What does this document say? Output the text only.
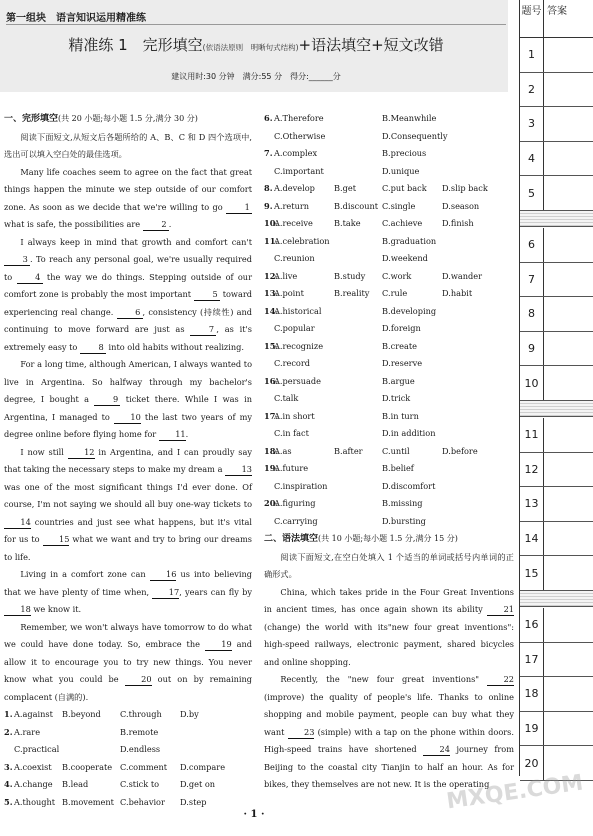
第一组块　语言知识运用精准练
精准练 1　完形填空(依语法原则　明晰句式结构)+语法填空+短文改错
建议用时:30 分钟　满分:55 分　得分:______分
题号 答案
1
2
3
4
5
6
7
8
9
10
11
12
13
14
15
16
17
18
19
20
一、完形填空(共 20 小题;每小题 1.5 分,满分 30 分)
阅读下面短文,从短文后各题所给的 A、B、C 和 D 四个选项中,选出可以填入空白处的最佳选项。
Many life coaches seem to agree on the fact that great things happen the minute we step outside of our comfort zone. As soon as we decide that we're willing to go 1 what is safe, the possibilities are 2 .
I always keep in mind that growth and comfort can't 3 . To reach any personal goal, we're usually required to 4 the way we do things. Stepping outside of our comfort zone is probably the most important 5 toward experiencing real change. 6 , consistency (持续性) and continuing to move forward are just as 7 , as it's extremely easy to 8 into old habits without realizing.
For a long time, although American, I always wanted to live in Argentina. So halfway through my bachelor's degree, I bought a 9 ticket there. While I was in Argentina, I managed to 10 the last two years of my degree online before flying home for 11.
I now still 12 in Argentina, and I can proudly say that taking the necessary steps to make my dream a 13 was one of the most significant things I'd ever done. Of course, I'm not saying we should all buy one-way tickets to 14 countries and just see what happens, but it's vital for us to 15 what we want and try to bring our dreams to life.
Living in a comfort zone can 16 us into believing that we have plenty of time when, 17, years can fly by 18 we know it.
Remember, we won't always have tomorrow to do what we could have done today. So, embrace the 19 and allow it to encourage you to try new things. You never know what you could be 20 out on by remaining complacent (自满的).
1. A.against B.beyond C.through D.by
2. A.rare	B.remote
C.practical	D.endless
3. A.coexist B.cooperate C.comment D.compare
4. A.change B.lead	C.stick to	D.get on
5. A.thought B.movement C.behavior D.step
6. A.Therefore	B.Meanwhile
C.Otherwise	D.Consequently
7. A.complex	B.precious
C.important	D.unique
8. A.develop B.get	C.put back D.slip back
9. A.return	B.discount C.single	D.season
10.
A.receive	B.take	C.achieve D.finish
11.
A.celebration	B.graduation
C.reunion	D.weekend
12.
A.live	B.study C.work	D.wander
13.
A.point	B.reality C.rule	D.habit
14.
A.historical	B.developing
C.popular	D.foreign
15.
A.recognize	B.create
C.record	D.reserve
16.
A.persuade	B.argue
C.talk	D.trick
17.
A.in short	B.in turn
C.in fact	D.in addition
18.
A.as	B.after C.until	D.before
19.
A.future	B.belief
C.inspiration	D.discomfort
20.
A.figuring	B.missing
C.carrying	D.bursting
二、语法填空(共 10 小题;每小题 1.5 分,满分 15 分)
阅读下面短文,在空白处填入 1 个适当的单词或括号内单词的正确形式。
China, which takes pride in the Four Great Inventions in ancient times, has once again shown its ability 21 (change) the world with its"new four great inventions": high-speed railways, electronic payment, shared bicycles and online shopping.
Recently, the "new four great inventions" 22 (improve) the quality of people's life. Thanks to online shopping and mobile payment, people can buy what they want 23 (simple) with a tap on the phone within doors. High-speed trains have shortened 24 journey from Beijing to the coastal city Tianjin to half an hour. As for bikes, they themselves are not new. It is the operating
· 1 ·
MXQE.COM
